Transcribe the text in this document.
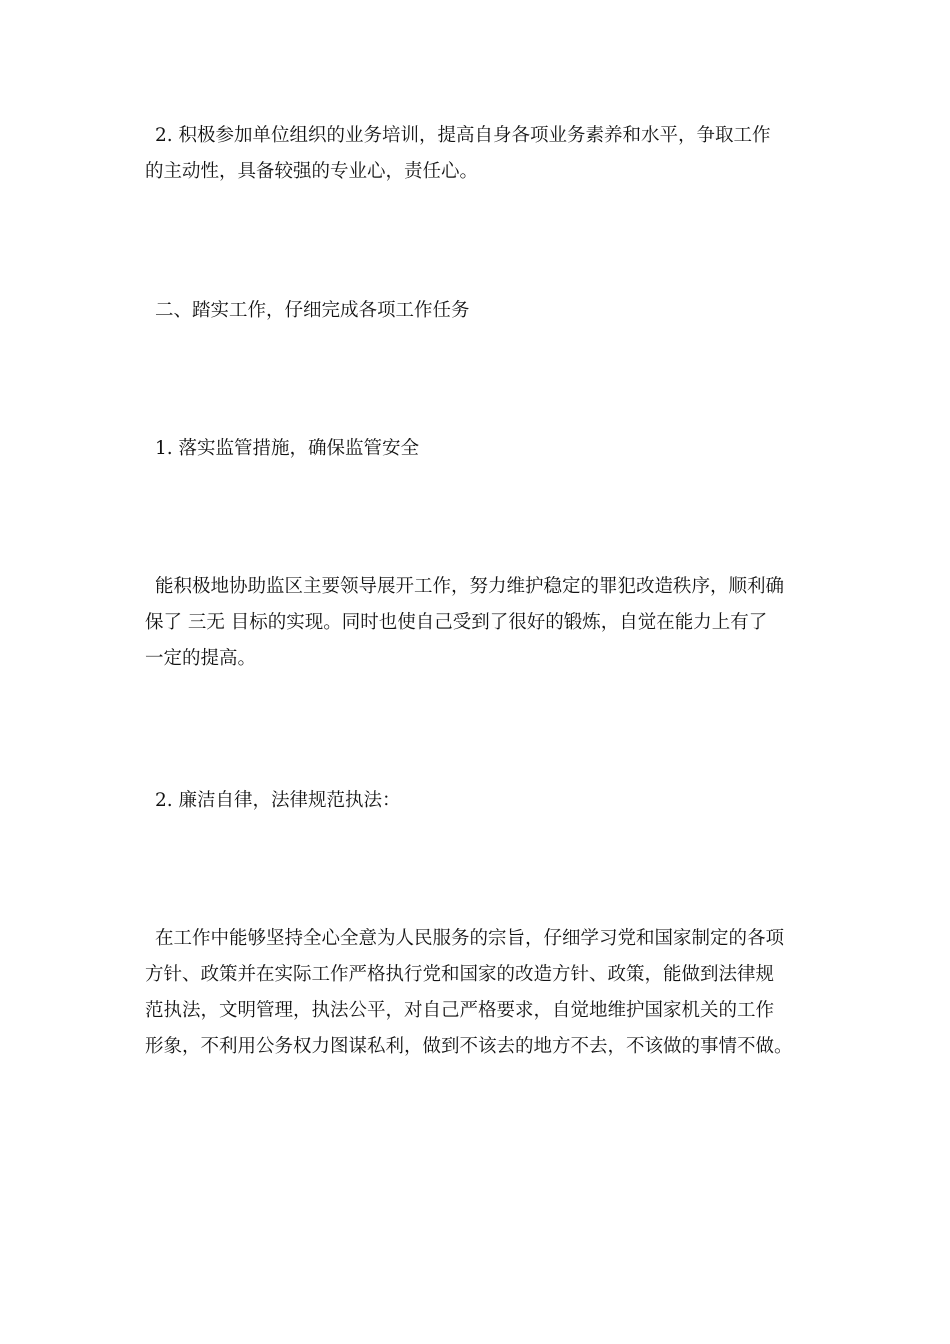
2. 积极参加单位组织的业务培训，提高自身各项业务素养和水平，争取工作
的主动性，具备较强的专业心，责任心。

二、踏实工作，仔细完成各项工作任务

1. 落实监管措施，确保监管安全

能积极地协助监区主要领导展开工作，努力维护稳定的罪犯改造秩序，顺利确
保了 三无 目标的实现。同时也使自己受到了很好的锻炼，自觉在能力上有了
一定的提高。

2. 廉洁自律，法律规范执法：

在工作中能够坚持全心全意为人民服务的宗旨，仔细学习党和国家制定的各项
方针、政策并在实际工作严格执行党和国家的改造方针、政策，能做到法律规
范执法，文明管理，执法公平，对自己严格要求，自觉地维护国家机关的工作
形象，不利用公务权力图谋私利，做到不该去的地方不去，不该做的事情不做。
